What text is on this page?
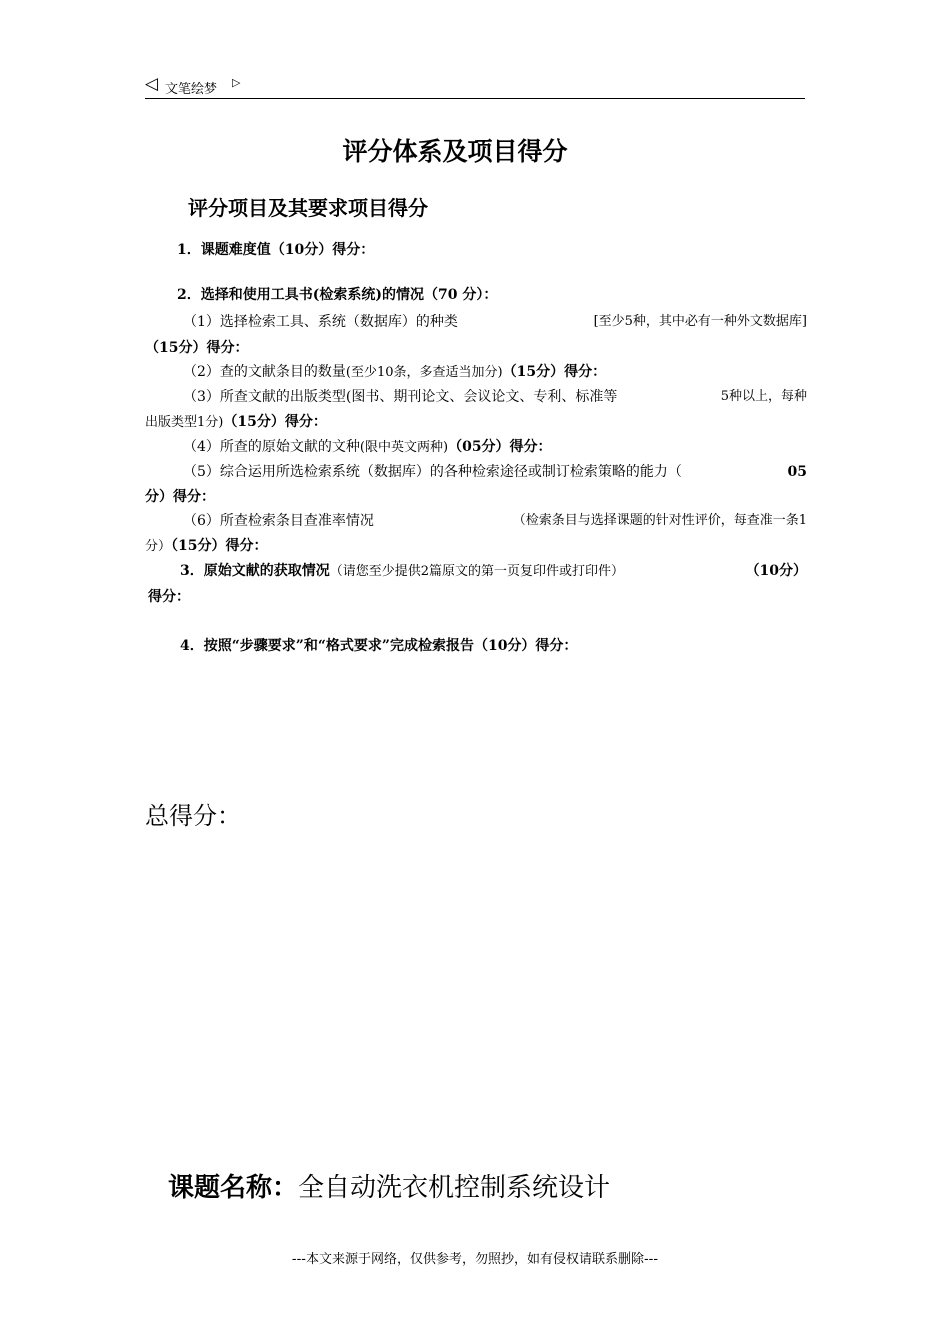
◁ 文笔绘梦 ▷
评分体系及项目得分
评分项目及其要求项目得分
1．课题难度值（10分）得分：
2．选择和使用工具书(检索系统)的情况（70 分）：
（1）选择检索工具、系统（数据库）的种类	[至少5种，其中必有一种外文数据库]
（15分）得分：
（2）查的文献条目的数量(至少10条，多查适当加分)（15分）得分：
（3）所查文献的出版类型(图书、期刊论文、会议论文、专利、标准等	5种以上，每种
出版类型1分)（15分）得分：
（4）所查的原始文献的文种(限中英文两种)（05分）得分：
（5）综合运用所选检索系统（数据库）的各种检索途径或制订检索策略的能力（	05
分）得分：
（6）所查检索条目查准率情况	（检索条目与选择课题的针对性评价，每查准一条1
分）（15分）得分：
3．原始文献的获取情况（请您至少提供2篇原文的第一页复印件或打印件）	（10分）
得分：
4．按照“步骤要求”和“格式要求”完成检索报告（10分）得分：
总得分：
课题名称：全自动洗衣机控制系统设计
---本文来源于网络，仅供参考，勿照抄，如有侵权请联系删除---
